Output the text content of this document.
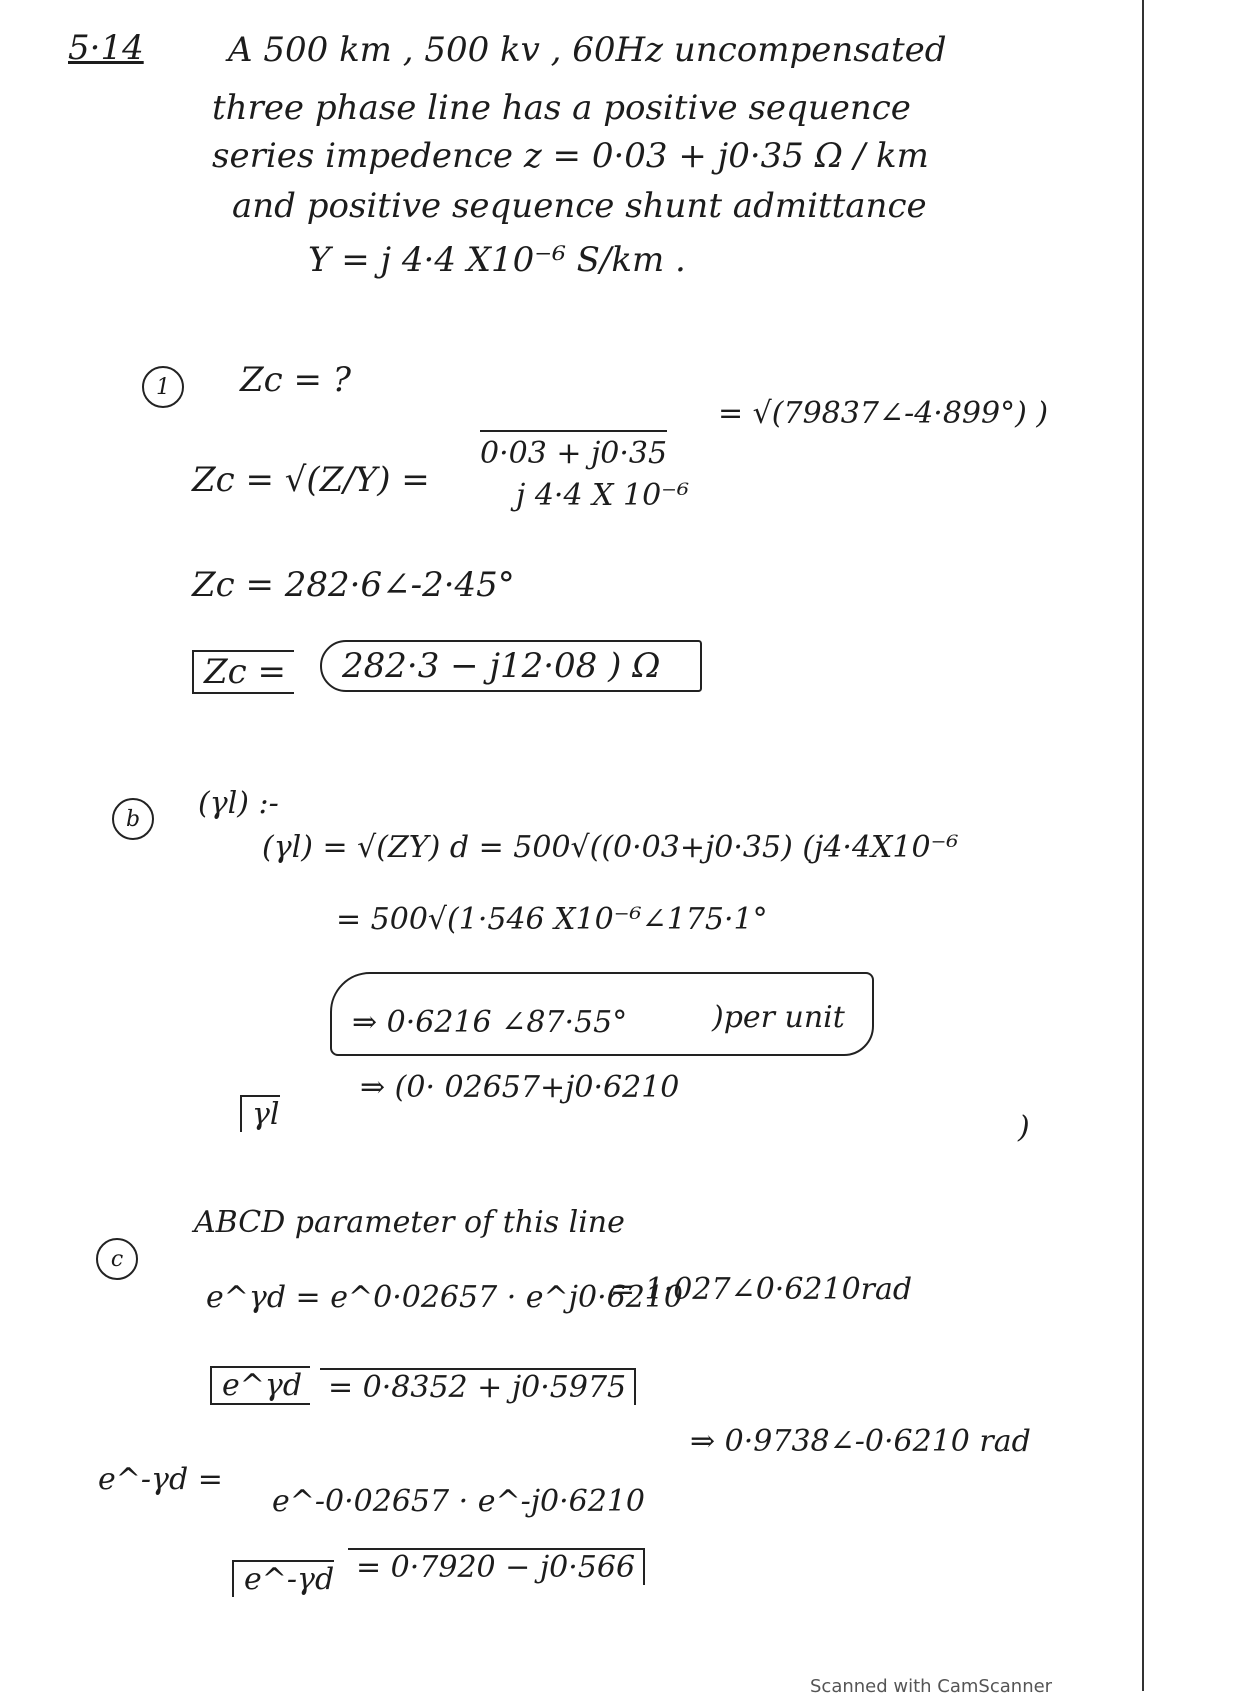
5·14 A 500 km , 500 kv , 60Hz uncompensated
three phase line has a positive sequence
series impedence z = 0·03 + j0·35 Ω / km
and positive sequence shunt admittance
Y = j 4·4 X10⁻⁶ S/km .
1	Zc = ?
Zc = √(Z/Y) =
0·03 + j0·35
j 4·4 X 10⁻⁶
= √(79837∠-4·899°) )
Zc = 282·6∠-2·45°
Zc =	282·3 − j12·08 ) Ω
b	(γl) :-
(γl) = √(ZY) d = 500√((0·03+j0·35) (j4·4X10⁻⁶
= 500√(1·546 X10⁻⁶∠175·1°
⇒ 0·6216 ∠87·55°	)per unit
γl
⇒ (0· 02657+j0·6210
)
c
ABCD parameter of this line
e^γd = e^0·02657 · e^j0·6210
= 1·027∠0·6210rad
e^γd = 0·8352 + j0·5975
e^-γd =
e^-0·02657 · e^-j0·6210
⇒ 0·9738∠-0·6210 rad
e^-γd = 0·7920 − j0·566
Scanned with CamScanner
